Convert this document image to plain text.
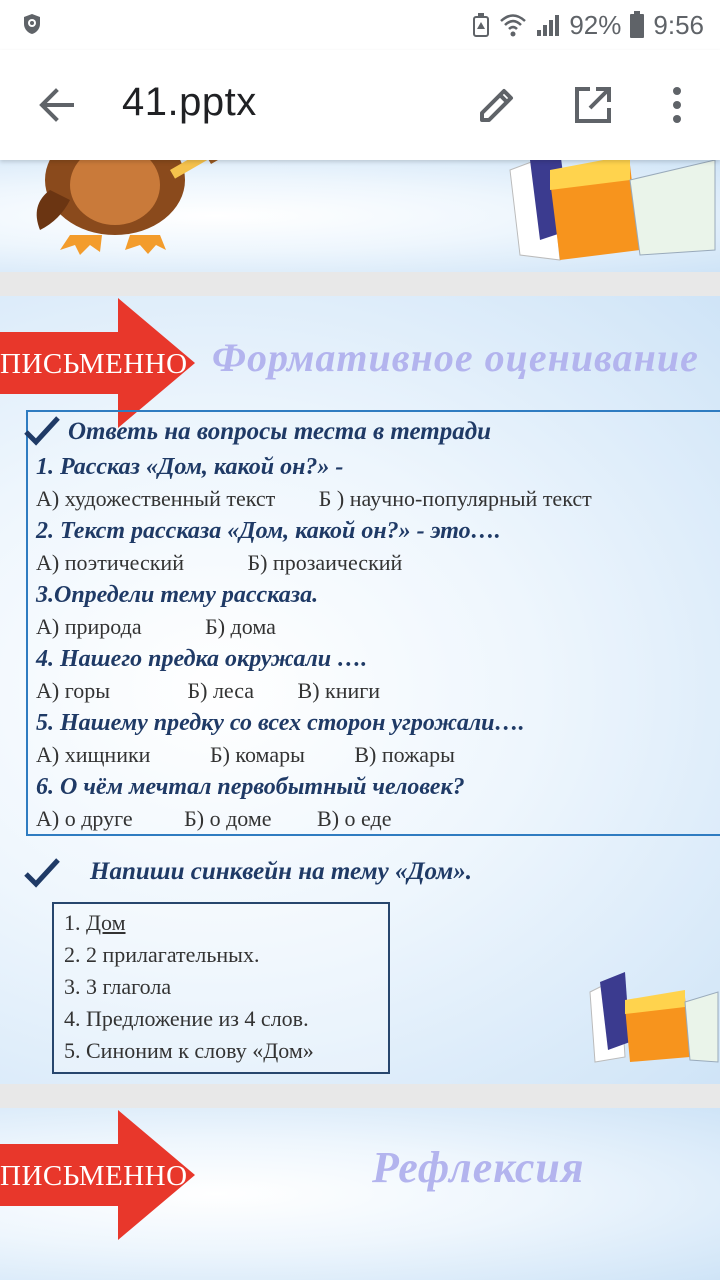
92% 9:56
41.pptx
ПИСЬМЕННО Формативное оценивание
Ответь на вопросы теста в тетради
1. Рассказ «Дом, какой он?» -
А) художественный текст Б ) научно-популярный текст
2. Текст рассказа «Дом, какой он?» - это….
А) поэтический	Б) прозаический
3.Определи тему рассказа.
А) природа	Б) дома
4. Нашего предка окружали ….
А) горы	Б) леса В) книги
5. Нашему предку со всех сторон угрожали….
А) хищники	Б) комары В) пожары
6. О чём мечтал первобытный человек?
А) о друге Б) о доме В) о еде
Напиши синквейн на тему «Дом».
1. Дом
2. 2 прилагательных.
3. 3 глагола
4. Предложение из 4 слов.
5. Синоним к слову «Дом»
ПИСЬМЕННО	Рефлексия
